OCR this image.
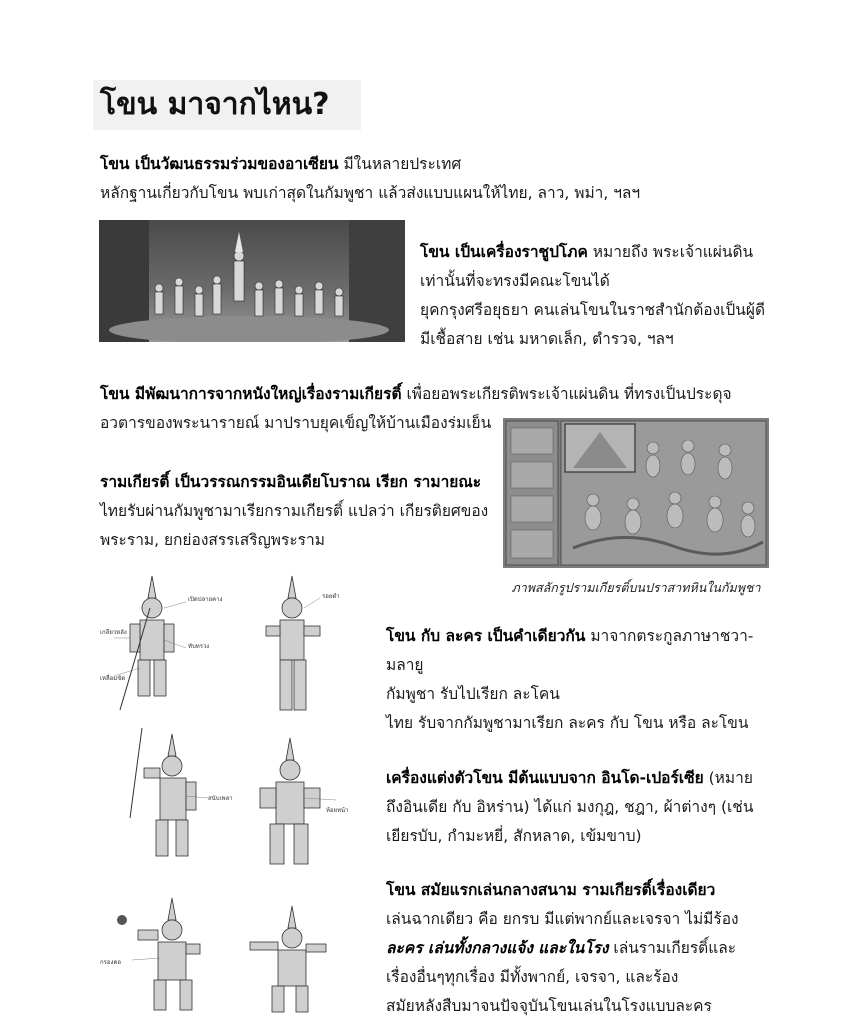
โขน มาจากไหน?

โขน เป็นวัฒนธรรมร่วมของอาเซียน มีในหลายประเทศ

หลักฐานเกี่ยวกับโขน พบเก่าสุดในกัมพูชา แล้วส่งแบบแผนให้ไทย, ลาว, พม่า, ฯลฯ

โขน เป็นเครื่องราชูปโภค หมายถึง พระเจ้าแผ่นดิน

เท่านั้นที่จะทรงมีคณะโขนได้

ยุคกรุงศรีอยุธยา คนเล่นโขนในราชสำนักต้องเป็นผู้ดี

มีเชื้อสาย เช่น มหาดเล็ก, ตำรวจ, ฯลฯ

โขน มีพัฒนาการจากหนังใหญ่เรื่องรามเกียรติ์ เพื่อยอพระเกียรติพระเจ้าแผ่นดิน ที่ทรงเป็นประดุจ

อวตารของพระนารายณ์ มาปราบยุคเข็ญให้บ้านเมืองร่มเย็น

รามเกียรติ์ เป็นวรรณกรรมอินเดียโบราณ เรียก รามายณะ

ไทยรับผ่านกัมพูชามาเรียกรามเกียรติ์ แปลว่า เกียรติยศของ

พระราม, ยกย่องสรรเสริญพระราม

ภาพสลักรูปรามเกียรติ์บนปราสาทหินในกัมพูชา
เปิดปลายคาง
เกลียวหลัง
ทับทรวง
เหลื่อมขัด
รอยดำ
สนับเพลา
ห้อยหน้า
กรองคอ

โขน กับ ละคร เป็นคำเดียวกัน มาจากตระกูลภาษาชวา-

มลายู

กัมพูชา รับไปเรียก ละโคน

ไทย รับจากกัมพูชามาเรียก ละคร กับ โขน หรือ ละโขน

เครื่องแต่งตัวโขน มีต้นแบบจาก อินโด-เปอร์เซีย (หมาย

ถึงอินเดีย กับ อิหร่าน) ได้แก่ มงกุฎ, ชฎา, ผ้าต่างๆ (เช่น

เยียรบับ, กำมะหยี่, สักหลาด, เข้มขาบ)

โขน สมัยแรกเล่นกลางสนาม รามเกียรติ์เรื่องเดียว

เล่นฉากเดียว คือ ยกรบ มีแต่พากย์และเจรจา ไม่มีร้อง

ละคร เล่นทั้งกลางแจ้ง และในโรง เล่นรามเกียรติ์และ

เรื่องอื่นๆทุกเรื่อง มีทั้งพากย์, เจรจา, และร้อง

สมัยหลังสืบมาจนปัจจุบันโขนเล่นในโรงแบบละคร
